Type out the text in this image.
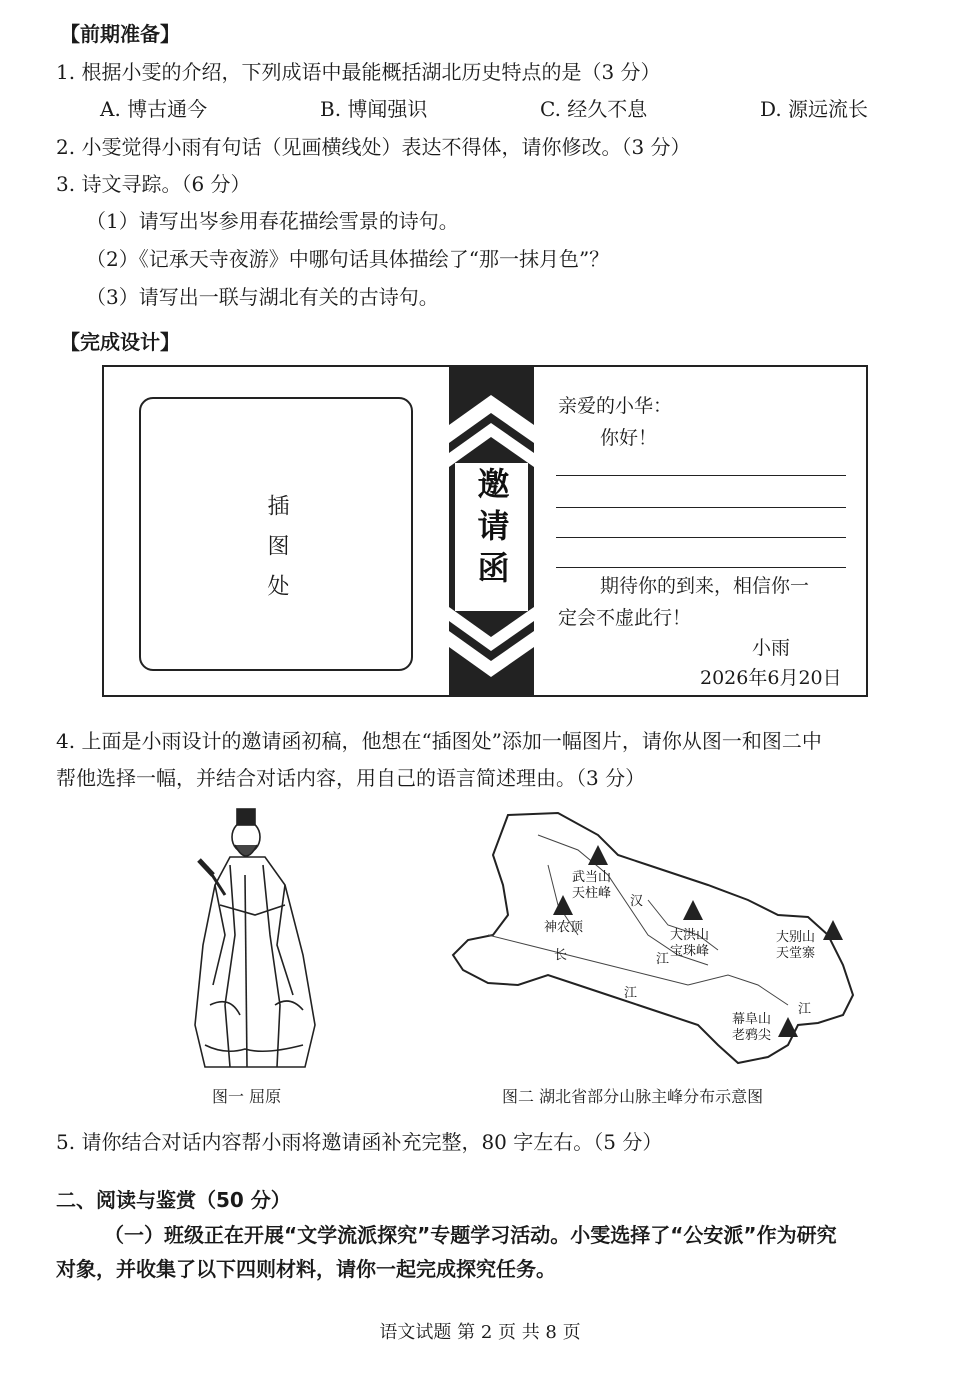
【前期准备】
1. 根据小雯的介绍，下列成语中最能概括湖北历史特点的是（3 分）
A. 博古通今	B. 博闻强识	C. 经久不息	D. 源远流长
2. 小雯觉得小雨有句话（见画横线处）表达不得体，请你修改。（3 分）
3. 诗文寻踪。（6 分）
（1）请写出岑参用春花描绘雪景的诗句。
（2）《记承天寺夜游》中哪句话具体描绘了“那一抹月色”？
（3）请写出一联与湖北有关的古诗句。
【完成设计】
插图处	邀请函
亲爱的小华：
你好！
期待你的到来，相信你一
定会不虚此行！
小雨
2026年6月20日
4. 上面是小雨设计的邀请函初稿，他想在“插图处”添加一幅图片，请你从图一和图二中
帮他选择一幅，并结合对话内容，用自己的语言简述理由。（3 分）
图一 屈原
武当山
天柱峰
神农顶
大洪山
宝珠峰
大别山
天堂寨
幕阜山
老鸦尖
汉
江
长
江
江
图二 湖北省部分山脉主峰分布示意图
5. 请你结合对话内容帮小雨将邀请函补充完整，80 字左右。（5 分）
二、阅读与鉴赏（50 分）
（一）班级正在开展“文学流派探究”专题学习活动。小雯选择了“公安派”作为研究
对象，并收集了以下四则材料，请你一起完成探究任务。
语文试题 第 2 页 共 8 页
